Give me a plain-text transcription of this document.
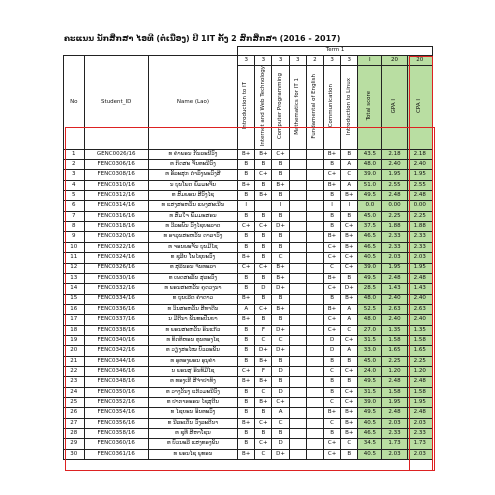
ຄະແນນ ນັກສຶກສາ ໄອທີ (ຕໍ່ເນື່ອງ) ປີ 1IT ຄັ້ງ 2 ສົກສຶກສາ (2016 - 2017)
			Term 1									
No	Student_ID	Name (Lao)	3	3	3	3	2	3	3	I	20	20
			Introduction to IT	Internet and Web Technology	Computer Programming	Mathematics for IT 1	Fundamental of English	Communication	Introduction to Linux	Total score	GPA I	CPA I
1	GENC0026/16	ທ ຄຳພອນ ກັນລະນີວົງ	B+	B+	C+			B+	B	43.5	2.18	2.18
2	FENC0306/16	ທ ກິດສະ ຈັນທະນີວົງ	B	B	B			B	A	48.0	2.40	2.40
3	FENC0308/16	ທ ອັລະສຸກ ດຳລົງພະວົງສີ	B	C+	B			C+	C	39.0	1.95	1.95
4	FENC0310/16	ນ ບຸນໂພດ ພົມມະຈັນ	B+	B	B+			B+	A	51.0	2.55	2.55
5	FENC0312/16	ທ ສົມພອນ ສີວົງໄຊ	B	B+	B			B	B+	49.5	2.48	2.48
6	FENC0314/16	ທ ແສງສະຫວັນ ແພງສະເນີນ	I		I			I	I	0.0	0.00	0.00
7	FENC0316/16	ທ ສົມໃຈ ພົມມະສອນ	B	B	B			B	B	45.0	2.25	2.25
8	FENC0318/16	ທ ວີລະພົນ ວົງໄຊຍະລາດ	C+	C+	D+			B	C+	37.5	1.88	1.88
9	FENC0320/16	ທ ອາລຸນສະຫວັນ ດາລາວົງ	B	B	B			B+	B+	46.5	2.33	2.33
10	FENC0322/16	ທ ຈອນພະຈັນ ບຸນມີໄຊ	B	B	B			C+	B+	46.5	2.33	2.33
11	FENC0324/16	ທ ຊຸລີຍ ໂພໄຊຍະວົງ	B+	B	C			C+	C+	40.5	2.03	2.03
12	FENC0326/16	ທ ສຸລິນອນ ຈັນທະລາ	C+	C+	B+			C	C+	39.0	1.95	1.95
13	FENC0330/16	ທ ເພດສະລັນ ສຸລະວົງ	B	B	B+			B+	B	49.5	2.48	2.48
14	FENC0332/16	ທ ພອນສະຫວັນ ຄູດວງນາ	B	D	D+			C+	D+	28.5	1.43	1.43
15	FENC0334/16	ທ ບຸນເລີດ ຄຳດາວ	B+	B	B			B	B+	48.0	2.40	2.40
16	FENC0336/16	ທ ວິນສະຫວັນ ສີທາດີນ	A	C+	B+			B+	A	52.5	2.63	2.63
17	FENC0337/16	ນ ມີຕີນາ ພັນທະປັນຍາ	B+	B	B			C+	A	48.0	2.40	2.40
18	FENC0338/16	ທ ພອນສະຫວັນ ອິນແກ້ວ	B	F	D+			C+	C	27.0	1.35	1.35
19	FENC0340/16	ທ ທິດທິຫອນ ທຸນທອງໄຊ	B	C	C			D	C+	31.5	1.58	1.58
20	FENC0342/16	ທ ວຽງສະໄໝ ບົວລະພັນ	B	D+	D+			D	A	33.0	1.65	1.65
21	FENC0344/16	ທ ອູທອງພອນ ອຸນຸຄຳ	B	B+	B			B	B	45.0	2.25	2.25
22	FENC0346/16	ນ ພອນສຸ ອິນທິມີໄຊ	C+	F	D			C	C+	24.0	1.20	1.20
23	FENC0348/16	ທ ທອງເຮີ ສີຈຳປາທິງ	B+	B+	B			B	B	49.5	2.48	2.48
24	FENC0350/16	ທ ວາງວັນງ ແກ້ວມະນີວົງ	B	C	D			B	C+	31.5	1.58	1.58
25	FENC0352/16	ທ ປາກາຣະອນ ໄຊສຸດີນ	B	B+	C+			C	C+	39.0	1.95	1.95
26	FENC0354/16	ທ ໄຊຍະນ ອິນທະວົງ	B	B	A			B+	B+	49.5	2.48	2.48
27	FENC0356/16	ທ ນີລະເດັນ ວົງລະຕີນາ	B+	C+	C			C	B+	40.5	2.03	2.03
28	FENC0358/16	ທ ຊູທີ ສີຫາໂຊນ	B	B	B			B	B+	46.5	2.33	2.33
29	FENC0360/16	ທ ບົວນະລີ ແສງທອງພັນ	B	C+	D			C+	C	34.5	1.73	1.73
30	FENC0361/16	ທ ພອນໄຊ ພູທອນ	B+	C	D+			C+	B	40.5	2.03	2.03
